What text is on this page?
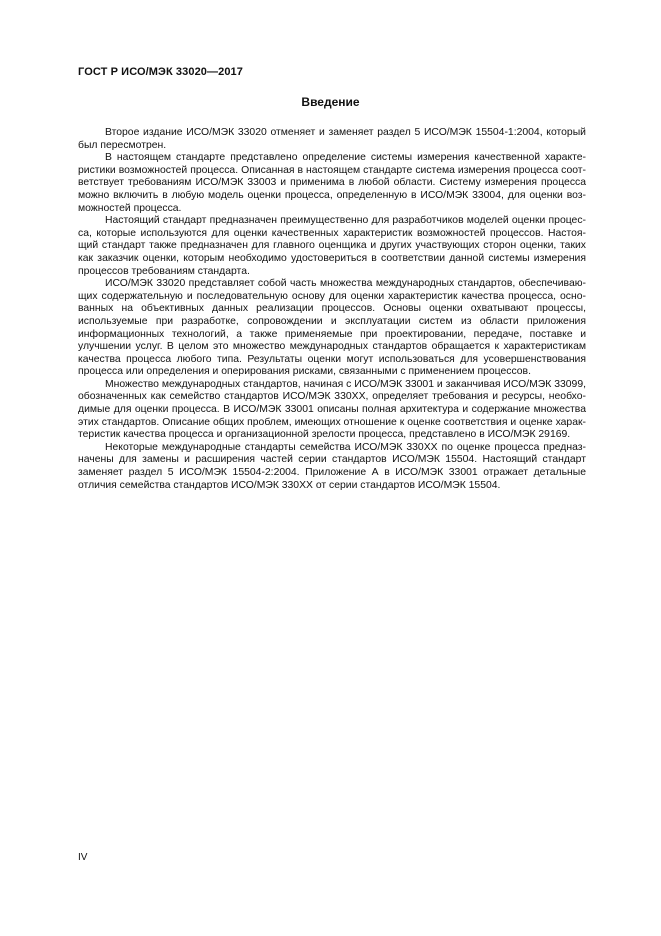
ГОСТ Р ИСО/МЭК 33020—2017
Введение

Второе издание ИСО/МЭК 33020 отменяет и заменяет раздел 5 ИСО/МЭК 15504-1:2004, который был пересмотрен.

В настоящем стандарте представлено определение системы измерения качественной характеристики возможностей процесса. Описанная в настоящем стандарте система измерения процесса соответствует требованиям ИСО/МЭК 33003 и применима в любой области. Систему измерения процесса можно включить в любую модель оценки процесса, определенную в ИСО/МЭК 33004, для оценки возможностей процесса.

Настоящий стандарт предназначен преимущественно для разработчиков моделей оценки процесса, которые используются для оценки качественных характеристик возможностей процессов. Настоящий стандарт также предназначен для главного оценщика и других участвующих сторон оценки, таких как заказчик оценки, которым необходимо удостовериться в соответствии данной системы измерения процессов требованиям стандарта.

ИСО/МЭК 33020 представляет собой часть множества международных стандартов, обеспечивающих содержательную и последовательную основу для оценки характеристик качества процесса, основанных на объективных данных реализации процессов. Основы оценки охватывают процессы, используемые при разработке, сопровождении и эксплуатации систем из области приложения информационных технологий, а также применяемые при проектировании, передаче, поставке и улучшении услуг. В целом это множество международных стандартов обращается к характеристикам качества процесса любого типа. Результаты оценки могут использоваться для усовершенствования процесса или определения и оперирования рисками, связанными с применением процессов.

Множество международных стандартов, начиная с ИСО/МЭК 33001 и заканчивая ИСО/МЭК 33099, обозначенных как семейство стандартов ИСО/МЭК 330ХХ, определяет требования и ресурсы, необходимые для оценки процесса. В ИСО/МЭК 33001 описаны полная архитектура и содержание множества этих стандартов. Описание общих проблем, имеющих отношение к оценке соответствия и оценке характеристик качества процесса и организационной зрелости процесса, представлено в ИСО/МЭК 29169.

Некоторые международные стандарты семейства ИСО/МЭК 330ХХ по оценке процесса предназначены для замены и расширения частей серии стандартов ИСО/МЭК 15504. Настоящий стандарт заменяет раздел 5 ИСО/МЭК 15504-2:2004. Приложение А в ИСО/МЭК 33001 отражает детальные отличия семейства стандартов ИСО/МЭК 330ХХ от серии стандартов ИСО/МЭК 15504.

IV
